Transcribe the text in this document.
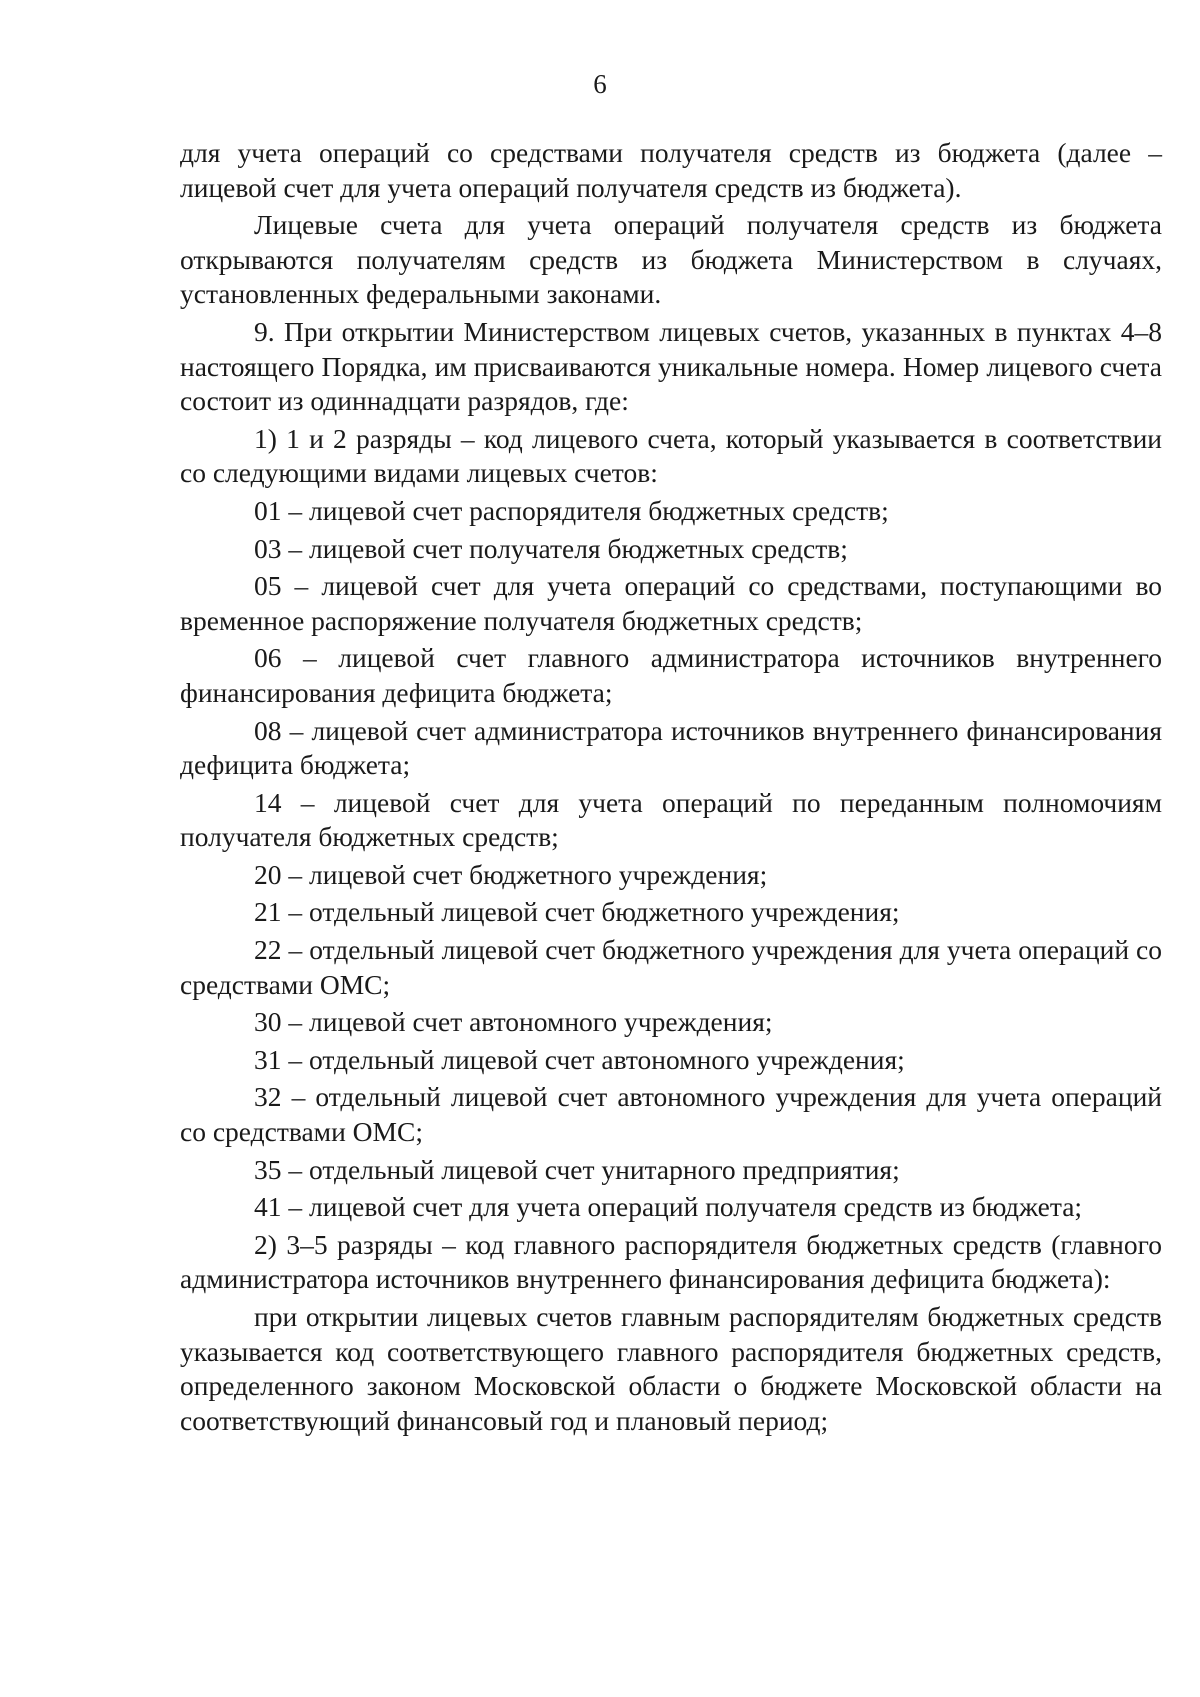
6

для учета операций со средствами получателя средств из бюджета (далее – лицевой счет для учета операций получателя средств из бюджета).

Лицевые счета для учета операций получателя средств из бюджета открываются получателям средств из бюджета Министерством в случаях, установленных федеральными законами.

9. При открытии Министерством лицевых счетов, указанных в пунктах 4–8 настоящего Порядка, им присваиваются уникальные номера. Номер лицевого счета состоит из одиннадцати разрядов, где:

1) 1 и 2 разряды – код лицевого счета, который указывается в соответствии со следующими видами лицевых счетов:

01 – лицевой счет распорядителя бюджетных средств;

03 – лицевой счет получателя бюджетных средств;

05 – лицевой счет для учета операций со средствами, поступающими во временное распоряжение получателя бюджетных средств;

06 – лицевой счет главного администратора источников внутреннего финансирования дефицита бюджета;

08 – лицевой счет администратора источников внутреннего финансирования дефицита бюджета;

14 – лицевой счет для учета операций по переданным полномочиям получателя бюджетных средств;

20 – лицевой счет бюджетного учреждения;

21 – отдельный лицевой счет бюджетного учреждения;

22 – отдельный лицевой счет бюджетного учреждения для учета операций со средствами ОМС;

30 – лицевой счет автономного учреждения;

31 – отдельный лицевой счет автономного учреждения;

32 – отдельный лицевой счет автономного учреждения для учета операций со средствами ОМС;

35 – отдельный лицевой счет унитарного предприятия;

41 – лицевой счет для учета операций получателя средств из бюджета;

2) 3–5 разряды – код главного распорядителя бюджетных средств (главного администратора источников внутреннего финансирования дефицита бюджета):

при открытии лицевых счетов главным распорядителям бюджетных средств указывается код соответствующего главного распорядителя бюджетных средств, определенного законом Московской области о бюджете Московской области на соответствующий финансовый год и плановый период;
